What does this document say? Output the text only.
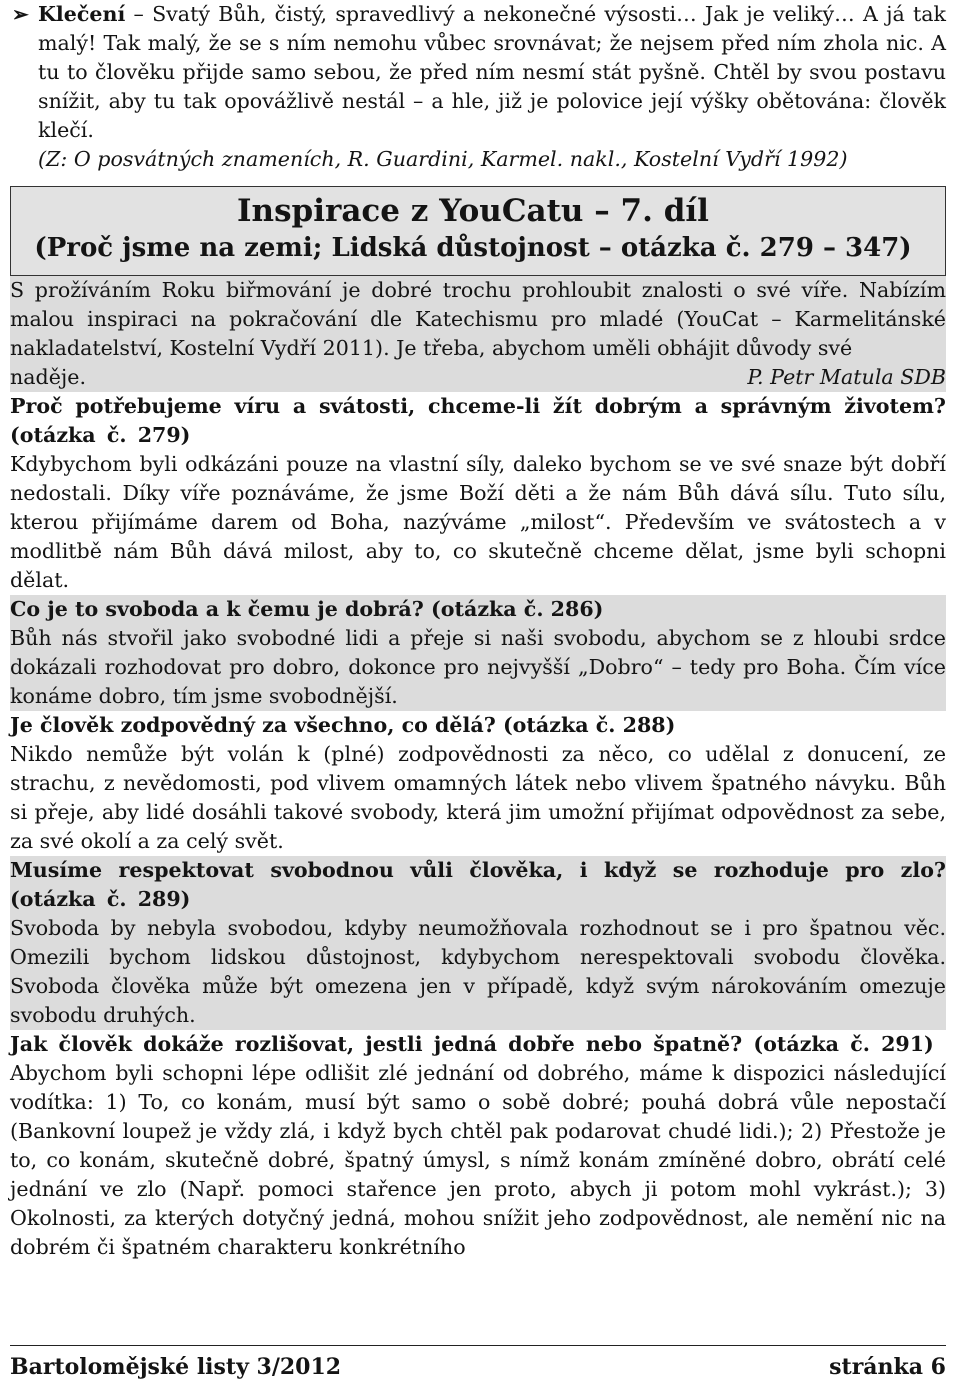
➢ Klečení – Svatý Bůh, čistý, spravedlivý a nekonečné výsosti… Jak je veliký… A já tak malý! Tak malý, že se s ním nemohu vůbec srovnávat; že nejsem před ním zhola nic. A tu to člověku přijde samo sebou, že před ním nesmí stát pyšně. Chtěl by svou postavu snížit, aby tu tak opovážlivě nestál – a hle, již je polovice její výšky obětována: člověk klečí.

(Z: O posvátných znameních, R. Guardini, Karmel. nakl., Kostelní Vydří 1992)

Inspirace z YouCatu – 7. díl
(Proč jsme na zemi; Lidská důstojnost – otázka č. 279 – 347)

S prožíváním Roku biřmování je dobré trochu prohloubit znalosti o své víře. Nabízím malou inspiraci na pokračování dle Katechismu pro mladé (YouCat – Karmelitánské nakladatelství, Kostelní Vydří 2011). Je třeba, abychom uměli obhájit důvody své

naděje.	P. Petr Matula SDB

Proč potřebujeme víru a svátosti, chceme-li žít dobrým a správným životem? (otázka č. 279)

Kdybychom byli odkázáni pouze na vlastní síly, daleko bychom se ve své snaze být dobří nedostali. Díky víře poznáváme, že jsme Boží děti a že nám Bůh dává sílu. Tuto sílu, kterou přijímáme darem od Boha, nazýváme „milost“. Především ve svátostech a v modlitbě nám Bůh dává milost, aby to, co skutečně chceme dělat, jsme byli schopni dělat.

Co je to svoboda a k čemu je dobrá? (otázka č. 286)

Bůh nás stvořil jako svobodné lidi a přeje si naši svobodu, abychom se z hloubi srdce dokázali rozhodovat pro dobro, dokonce pro nejvyšší „Dobro“ – tedy pro Boha. Čím více konáme dobro, tím jsme svobodnější.

Je člověk zodpovědný za všechno, co dělá? (otázka č. 288)

Nikdo nemůže být volán k (plné) zodpovědnosti za něco, co udělal z donucení, ze strachu, z nevědomosti, pod vlivem omamných látek nebo vlivem špatného návyku. Bůh si přeje, aby lidé dosáhli takové svobody, která jim umožní přijímat odpovědnost za sebe, za své okolí a za celý svět.

Musíme respektovat svobodnou vůli člověka, i když se rozhoduje pro zlo? (otázka č. 289)

Svoboda by nebyla svobodou, kdyby neumožňovala rozhodnout se i pro špatnou věc. Omezili bychom lidskou důstojnost, kdybychom nerespektovali svobodu člověka. Svoboda člověka může být omezena jen v případě, když svým nárokováním omezuje svobodu druhých.

Jak člověk dokáže rozlišovat, jestli jedná dobře nebo špatně? (otázka č. 291)

Abychom byli schopni lépe odlišit zlé jednání od dobrého, máme k dispozici následující vodítka: 1) To, co konám, musí být samo o sobě dobré; pouhá dobrá vůle nepostačí (Bankovní loupež je vždy zlá, i když bych chtěl pak podarovat chudé lidi.); 2) Přestože je to, co konám, skutečně dobré, špatný úmysl, s nímž konám zmíněné dobro, obrátí celé jednání ve zlo (Např. pomoci stařence jen proto, abych ji potom mohl vykrást.); 3) Okolnosti, za kterých dotyčný jedná, mohou snížit jeho zodpovědnost, ale nemění nic na dobrém či špatném charakteru konkrétního

Bartolomějské listy 3/2012	stránka 6
